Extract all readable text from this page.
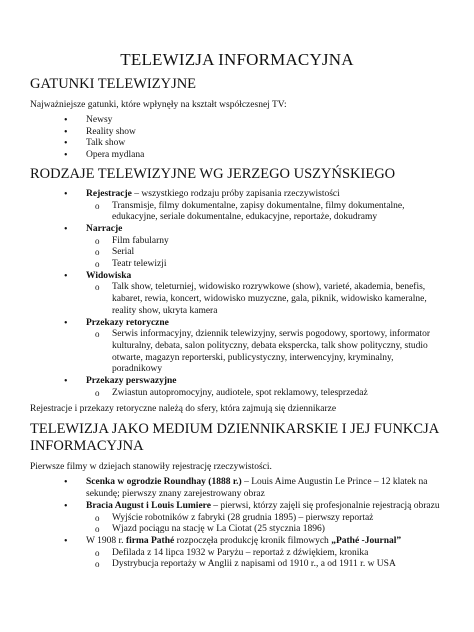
TELEWIZJA INFORMACYJNA
GATUNKI TELEWIZYJNE

Najważniejsze gatunki, które wpłynęły na kształt współczesnej TV:

• Newsy
• Reality show
• Talk show
• Opera mydlana
RODZAJE TELEWIZYJNE WG JERZEGO USZYŃSKIEGO
• Rejestracje – wszystkiego rodzaju próby zapisania rzeczywistości
o Transmisje, filmy dokumentalne, zapisy dokumentalne, filmy dokumentalne, edukacyjne, seriale dokumentalne, edukacyjne, reportaże, dokudramy
• Narracje
o Film fabularny
o Serial
o Teatr telewizji
• Widowiska
o Talk show, teleturniej, widowisko rozrywkowe (show), varieté, akademia, benefis, kabaret, rewia, koncert, widowisko muzyczne, gala, piknik, widowisko kameralne, reality show, ukryta kamera
• Przekazy retoryczne
o Serwis informacyjny, dziennik telewizyjny, serwis pogodowy, sportowy, informator kulturalny, debata, salon polityczny, debata ekspercka, talk show polityczny, studio otwarte, magazyn reporterski, publicystyczny, interwencyjny, kryminalny, poradnikowy
• Przekazy perswazyjne
o Zwiastun autopromocyjny, audiotele, spot reklamowy, telesprzedaż

Rejestracje i przekazy retoryczne należą do sfery, która zajmują się dziennikarze

TELEWIZJA JAKO MEDIUM DZIENNIKARSKIE I JEJ FUNKCJA INFORMACYJNA

Pierwsze filmy w dziejach stanowiły rejestrację rzeczywistości.

• Scenka w ogrodzie Roundhay (1888 r.) – Louis Aime Augustin Le Prince – 12 klatek na sekundę; pierwszy znany zarejestrowany obraz
• Bracia August i Louis Lumiere – pierwsi, którzy zajęli się profesjonalnie rejestracją obrazu
o Wyjście robotników z fabryki (28 grudnia 1895) – pierwszy reportaż
o Wjazd pociągu na stację w La Ciotat (25 stycznia 1896)
• W 1908 r. firma Pathé rozpoczęła produkcję kronik filmowych „Pathé -Journal”
o Defilada z 14 lipca 1932 w Paryżu – reportaż z dźwiękiem, kronika
o Dystrybucja reportaży w Anglii z napisami od 1910 r., a od 1911 r. w USA
